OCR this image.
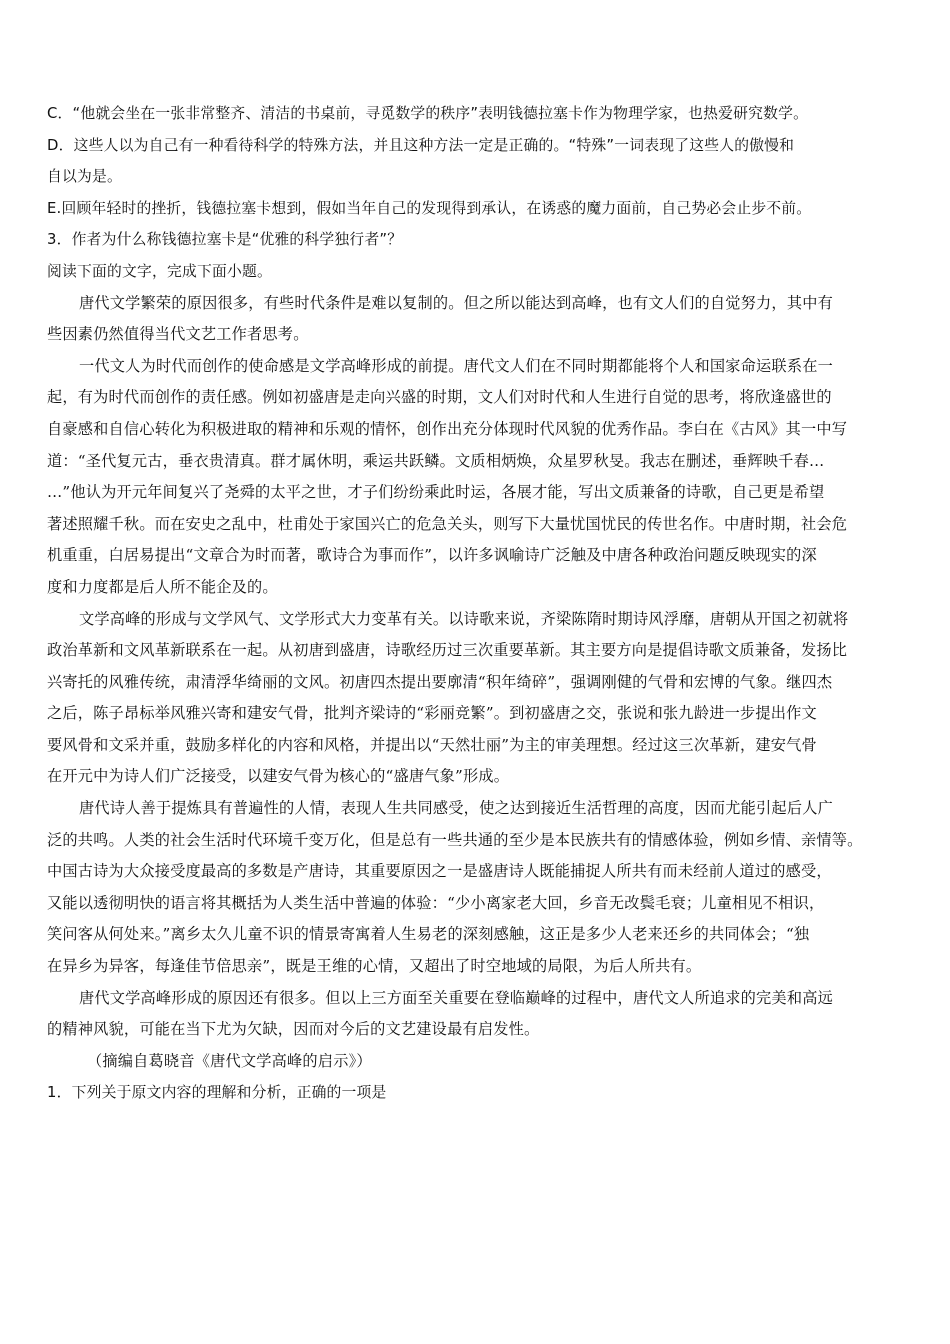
C．“他就会坐在一张非常整齐、清洁的书桌前，寻觅数学的秩序”表明钱德拉塞卡作为物理学家，也热爱研究数学。
D．这些人以为自己有一种看待科学的特殊方法，并且这种方法一定是正确的。“特殊”一词表现了这些人的傲慢和
自以为是。
E.回顾年轻时的挫折，钱德拉塞卡想到，假如当年自己的发现得到承认，在诱惑的魔力面前，自己势必会止步不前。
3．作者为什么称钱德拉塞卡是“优雅的科学独行者”？
阅读下面的文字，完成下面小题。
唐代文学繁荣的原因很多，有些时代条件是难以复制的。但之所以能达到高峰，也有文人们的自觉努力，其中有
些因素仍然值得当代文艺工作者思考。
一代文人为时代而创作的使命感是文学高峰形成的前提。唐代文人们在不同时期都能将个人和国家命运联系在一
起，有为时代而创作的责任感。例如初盛唐是走向兴盛的时期，文人们对时代和人生进行自觉的思考，将欣逢盛世的
自豪感和自信心转化为积极进取的精神和乐观的情怀，创作出充分体现时代风貌的优秀作品。李白在《古风》其一中写
道：“圣代复元古，垂衣贵清真。群才属休明，乘运共跃鳞。文质相炳焕，众星罗秋旻。我志在删述，垂辉映千春…
…”他认为开元年间复兴了尧舜的太平之世，才子们纷纷乘此时运，各展才能，写出文质兼备的诗歌，自己更是希望
著述照耀千秋。而在安史之乱中，杜甫处于家国兴亡的危急关头，则写下大量忧国忧民的传世名作。中唐时期，社会危
机重重，白居易提出“文章合为时而著，歌诗合为事而作”，以许多讽喻诗广泛触及中唐各种政治问题反映现实的深
度和力度都是后人所不能企及的。
文学高峰的形成与文学风气、文学形式大力变革有关。以诗歌来说，齐梁陈隋时期诗风浮靡，唐朝从开国之初就将
政治革新和文风革新联系在一起。从初唐到盛唐，诗歌经历过三次重要革新。其主要方向是提倡诗歌文质兼备，发扬比
兴寄托的风雅传统，肃清浮华绮丽的文风。初唐四杰提出要廓清“积年绮碎”，强调刚健的气骨和宏博的气象。继四杰
之后，陈子昂标举风雅兴寄和建安气骨，批判齐梁诗的“彩丽竞繁”。到初盛唐之交，张说和张九龄进一步提出作文
要风骨和文采并重，鼓励多样化的内容和风格，并提出以“天然壮丽”为主的审美理想。经过这三次革新，建安气骨
在开元中为诗人们广泛接受，以建安气骨为核心的“盛唐气象”形成。
唐代诗人善于提炼具有普遍性的人情，表现人生共同感受，使之达到接近生活哲理的高度，因而尤能引起后人广
泛的共鸣。人类的社会生活时代环境千变万化，但是总有一些共通的至少是本民族共有的情感体验，例如乡情、亲情等。
中国古诗为大众接受度最高的多数是产唐诗，其重要原因之一是盛唐诗人既能捕捉人所共有而未经前人道过的感受，
又能以透彻明快的语言将其概括为人类生活中普遍的体验：“少小离家老大回，乡音无改鬓毛衰；儿童相见不相识，
笑问客从何处来。”离乡太久儿童不识的情景寄寓着人生易老的深刻感触，这正是多少人老来还乡的共同体会；“独
在异乡为异客，每逢佳节倍思亲”，既是王维的心情，又超出了时空地域的局限，为后人所共有。
唐代文学高峰形成的原因还有很多。但以上三方面至关重要在登临巅峰的过程中，唐代文人所追求的完美和高远
的精神风貌，可能在当下尤为欠缺，因而对今后的文艺建设最有启发性。
（摘编自葛晓音《唐代文学高峰的启示》）
1．下列关于原文内容的理解和分析，正确的一项是
